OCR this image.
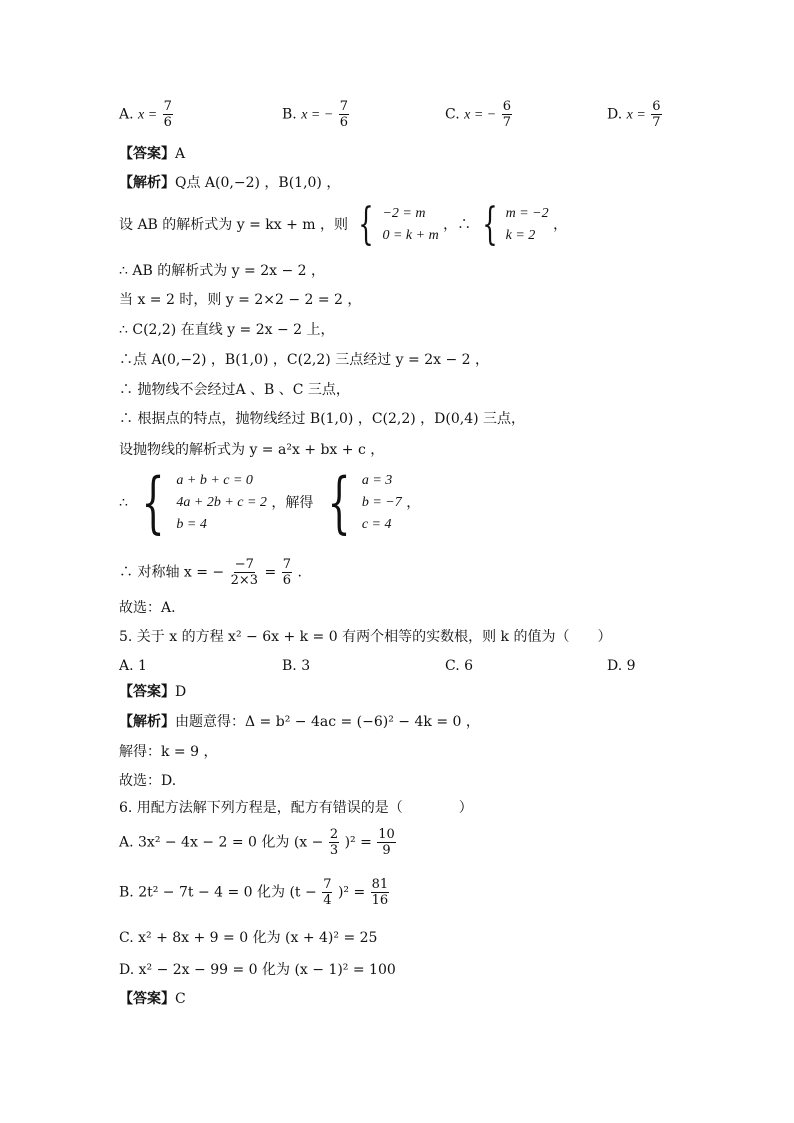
A. $x = \frac{7}{6}$	B. x = − $\frac{7}{6}$	C. x = − $\frac{6}{7}$	D. $x = \frac{6}{7}$
【答案】A
【解析】Q点 A(0,−2) ，B(1,0) ，
设 AB 的解析式为 y = kx + m ，则 { −2 = m
0 = k + m
，∴ { m = −2
k = 2
，
∴ AB 的解析式为 y = 2x − 2 ，
当 x = 2 时，则 y = 2×2 − 2 = 2 ，
∴ C(2,2) 在直线 y = 2x − 2 上，
∴点 A(0,−2) ，B(1,0) ，C(2,2) 三点经过 y = 2x − 2 ，
∴ 抛物线不会经过A 、B 、C 三点，
∴ 根据点的特点，抛物线经过 B(1,0) ，C(2,2) ，D(0,4) 三点，
设抛物线的解析式为 y = a²x + bx + c ，
∴ { a + b + c = 0
4a + 2b + c = 2
b = 4
，解得 { a = 3
b = −7
c = 4
，
∴ 对称轴 x = − $\frac{-7}{2\times 3} = \frac{7}{6}$ .
故选：A.
5. 关于 x 的方程 x² − 6x + k = 0 有两个相等的实数根，则 k 的值为（　　）
A. 1	B. 3	C. 6	D. 9
【答案】D
【解析】由题意得：Δ = b² − 4ac = (−6)² − 4k = 0 ，
解得：k = 9 ，
故选：D.
6. 用配方法解下列方程是，配方有错误的是（　　　　）
A. 3x² − 4x − 2 = 0 化为 $(x - \frac{2}{3} )^2 = \frac{10}{9}$
B. 2t² − 7t − 4 = 0 化为 $(t - \frac{7}{4} )^2 = \frac{81}{16}$
C. x² + 8x + 9 = 0 化为 (x + 4)² = 25
D. x² − 2x − 99 = 0 化为 (x − 1)² = 100
【答案】C
